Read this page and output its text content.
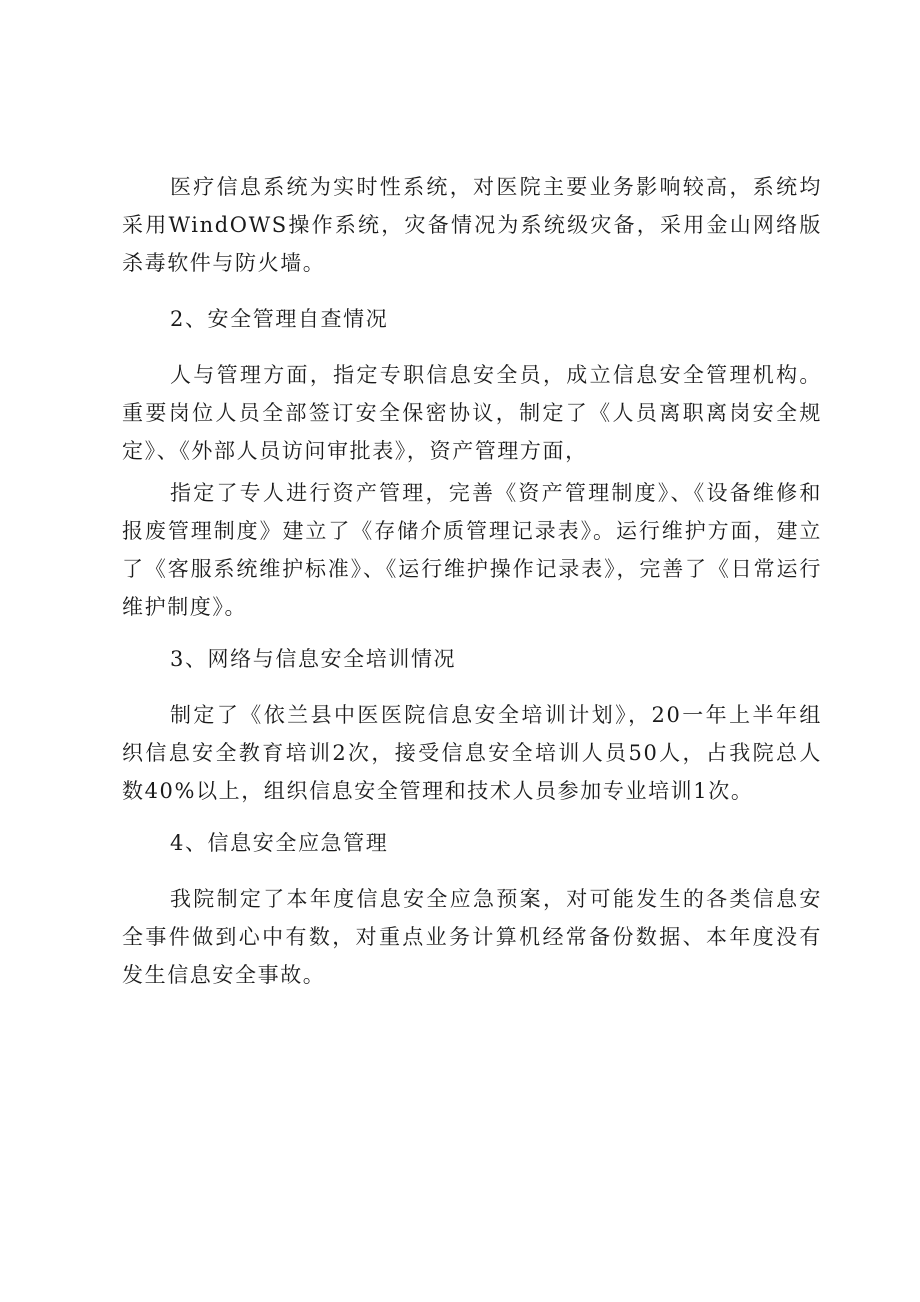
医疗信息系统为实时性系统，对医院主要业务影响较高，系统均采用WindOWS操作系统，灾备情况为系统级灾备，采用金山网络版杀毒软件与防火墙。

2、安全管理自查情况

人与管理方面，指定专职信息安全员，成立信息安全管理机构。重要岗位人员全部签订安全保密协议，制定了《人员离职离岗安全规定》、《外部人员访问审批表》，资产管理方面，

指定了专人进行资产管理，完善《资产管理制度》、《设备维修和报废管理制度》建立了《存储介质管理记录表》。运行维护方面，建立了《客服系统维护标准》、《运行维护操作记录表》，完善了《日常运行维护制度》。

3、网络与信息安全培训情况

制定了《依兰县中医医院信息安全培训计划》，20一年上半年组织信息安全教育培训2次，接受信息安全培训人员50人，占我院总人数40%以上，组织信息安全管理和技术人员参加专业培训1次。

4、信息安全应急管理

我院制定了本年度信息安全应急预案，对可能发生的各类信息安全事件做到心中有数，对重点业务计算机经常备份数据、本年度没有发生信息安全事故。
